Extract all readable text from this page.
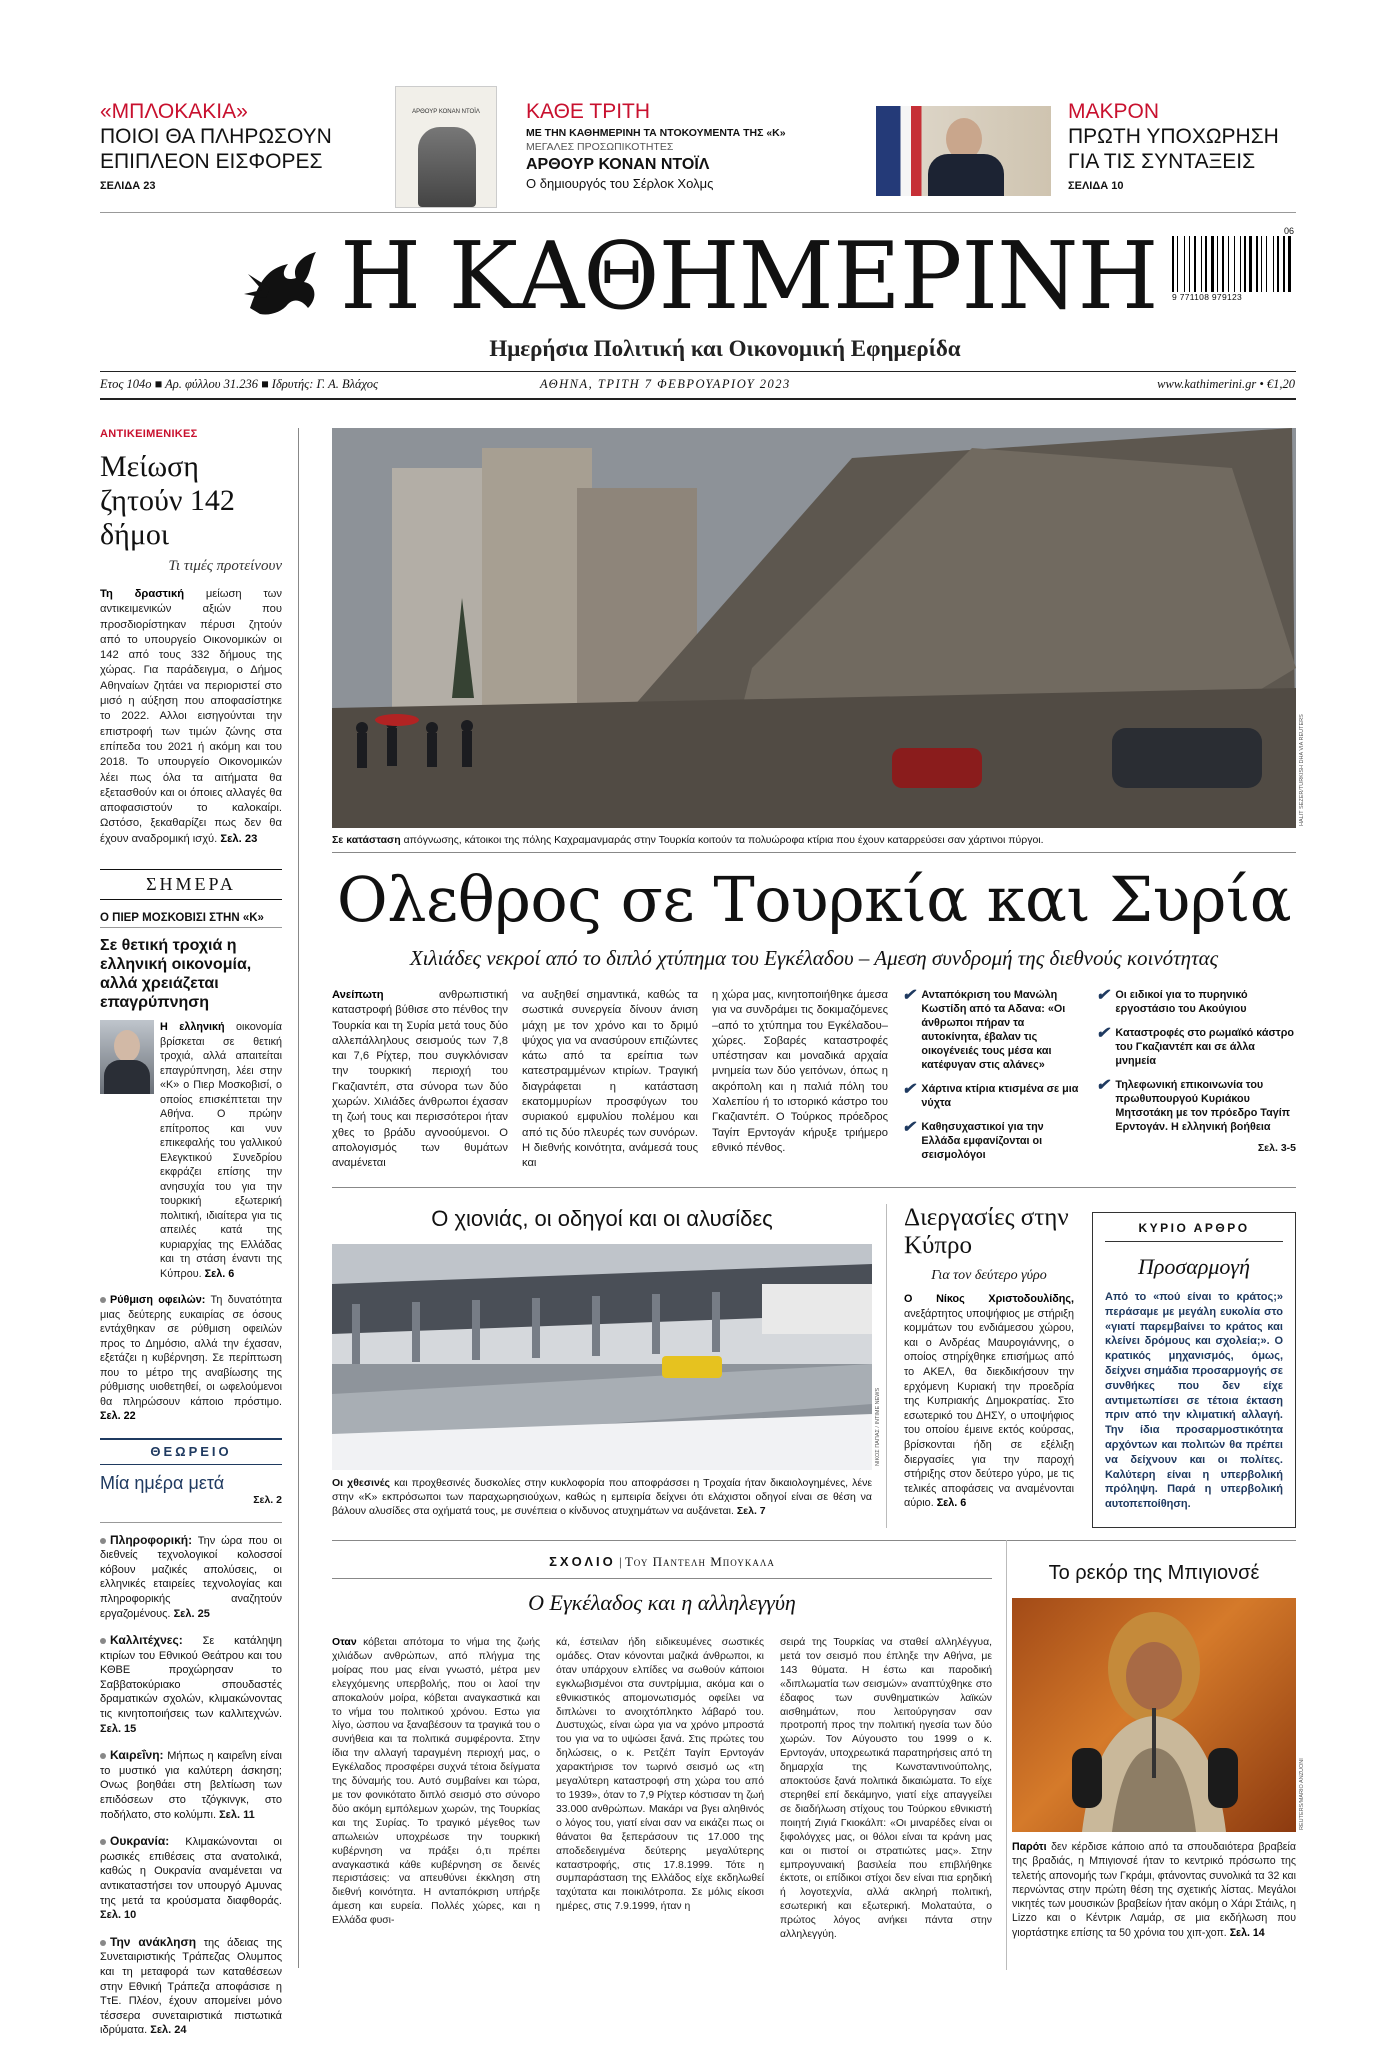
«ΜΠΛΟΚΑΚΙΑ»
ΠΟΙΟΙ ΘΑ ΠΛΗΡΩΣΟΥΝ ΕΠΙΠΛΕΟΝ ΕΙΣΦΟΡΕΣ
ΣΕΛΙΔΑ 23
ΑΡΘΟΥΡ ΚΟΝΑΝ ΝΤΟΪΛ	ΚΑΘΕ ΤΡΙΤΗ
ΜΕ ΤΗΝ ΚΑΘΗΜΕΡΙΝΗ ΤΑ ΝΤΟΚΟΥΜΕΝΤΑ ΤΗΣ «Κ»
ΜΕΓΑΛΕΣ ΠΡΟΣΩΠΙΚΟΤΗΤΕΣ
ΑΡΘΟΥΡ ΚΟΝΑΝ ΝΤΟΪΛ
Ο δημιουργός του Σέρλοκ Χολμς
ΜΑΚΡΟΝ
ΠΡΩΤΗ ΥΠΟΧΩΡΗΣΗ ΓΙΑ ΤΙΣ ΣΥΝΤΑΞΕΙΣ
ΣΕΛΙΔΑ 10
Η ΚΑΘΗΜΕΡΙΝΗ	06
9 771108 979123
Ημερήσια Πολιτική και Οικονομική Εφημερίδα
Ετος 104ο ■ Αρ. φύλλου 31.236 ■ Ιδρυτής: Γ. Α. Βλάχος	ΑΘΗΝΑ, ΤΡΙΤΗ 7 ΦΕΒΡΟΥΑΡΙΟΥ 2023	www.kathimerini.gr • €1,20
ΑΝΤΙΚΕΙΜΕΝΙΚΕΣ
Μείωση ζητούν 142 δήμοι
Τι τιμές προτείνουν
Τη δραστική μείωση των αντικειμενικών αξιών που προσδιορίστηκαν πέρυσι ζητούν από το υπουργείο Οικονομικών οι 142 από τους 332 δήμους της χώρας. Για παράδειγμα, ο Δήμος Αθηναίων ζητάει να περιοριστεί στο μισό η αύξηση που αποφασίστηκε το 2022. Αλλοι εισηγούνται την επιστροφή των τιμών ζώνης στα επίπεδα του 2021 ή ακόμη και του 2018. Το υπουργείο Οικονομικών λέει πως όλα τα αιτήματα θα εξετασθούν και οι όποιες αλλαγές θα αποφασιστούν το καλοκαίρι. Ωστόσο, ξεκαθαρίζει πως δεν θα έχουν αναδρομική ισχύ. Σελ. 23
ΣΗΜΕΡΑ
Ο ΠΙΕΡ ΜΟΣΚΟΒΙΣΙ ΣΤΗΝ «Κ»
Σε θετική τροχιά η ελληνική οικονομία, αλλά χρειάζεται επαγρύπνηση
Η ελληνική οικονομία βρίσκεται σε θετική τροχιά, αλλά απαιτείται επαγρύπνηση, λέει στην «Κ» ο Πιερ Μοσκοβισί, ο οποίος επισκέπτεται την Αθήνα. Ο πρώην επίτροπος και νυν επικεφαλής του γαλλικού Ελεγκτικού Συνεδρίου εκφράζει επίσης την ανησυχία του για την τουρκική εξωτερική πολιτική, ιδιαίτερα για τις απειλές κατά της κυριαρχίας της Ελλάδας και τη στάση έναντι της Κύπρου. Σελ. 6
Ρύθμιση οφειλών: Τη δυνατότητα μιας δεύτερης ευκαιρίας σε όσους εντάχθηκαν σε ρύθμιση οφειλών προς το Δημόσιο, αλλά την έχασαν, εξετάζει η κυβέρνηση. Σε περίπτωση που το μέτρο της αναβίωσης της ρύθμισης υιοθετηθεί, οι ωφελούμενοι θα πληρώσουν κάποιο πρόστιμο. Σελ. 22
ΘΕΩΡΕΙΟ
Μία ημέρα μετά
Σελ. 2
Πληροφορική: Την ώρα που οι διεθνείς τεχνολογικοί κολοσσοί κόβουν μαζικές απολύσεις, οι ελληνικές εταιρείες τεχνολογίας και πληροφορικής αναζητούν εργαζομένους. Σελ. 25
Καλλιτέχνες: Σε κατάληψη κτιρίων του Εθνικού Θεάτρου και του ΚΘΒΕ προχώρησαν το Σαββατοκύριακο σπουδαστές δραματικών σχολών, κλιμακώνοντας τις κινητοποιήσεις των καλλιτεχνών. Σελ. 15
Καιρεΐνη: Μήπως η καιρεΐνη είναι το μυστικό για καλύτερη άσκηση; Ονως βοηθάει στη βελτίωση των επιδόσεων στο τζόγκινγκ, στο ποδήλατο, στο κολύμπι. Σελ. 11
Ουκρανία: Κλιμακώνονται οι ρωσικές επιθέσεις στα ανατολικά, καθώς η Ουκρανία αναμένεται να αντικαταστήσει τον υπουργό Αμυνας της μετά τα κρούσματα διαφθοράς. Σελ. 10
Την ανάκληση της άδειας της Συνεταιριστικής Τράπεζας Ολυμπος και τη μεταφορά των καταθέσεων στην Εθνική Τράπεζα αποφάσισε η ΤτΕ. Πλέον, έχουν απομείνει μόνο τέσσερα συνεταιριστικά πιστωτικά ιδρύματα. Σελ. 24
HALIT SEZER/TURKISH DHA VIA REUTERS
Σε κατάσταση απόγνωσης, κάτοικοι της πόλης Καχραμανμαράς στην Τουρκία κοιτούν τα πολυώροφα κτίρια που έχουν καταρρεύσει σαν χάρτινοι πύργοι.
Ολεθρος σε Τουρκία και Συρία
Χιλιάδες νεκροί από το διπλό χτύπημα του Εγκέλαδου – Αμεση συνδρομή της διεθνούς κοινότητας
Ανείπωτη	ανθρωπιστική καταστροφή βύθισε στο πένθος την Τουρκία και τη Συρία μετά τους δύο αλλεπάλληλους σεισμούς των 7,8 και 7,6 Ρίχτερ, που συγκλόνισαν την τουρκική περιοχή του Γκαζιαντέπ, στα σύνορα των δύο χωρών. Χιλιάδες άνθρωποι έχασαν τη ζωή τους και περισσότεροι ήταν χθες το βράδυ αγνοούμενοι. Ο απολογισμός των θυμάτων αναμένεται
να αυξηθεί σημαντικά, καθώς τα σωστικά συνεργεία δίνουν άνιση μάχη με τον χρόνο και το δριμύ ψύχος για να ανασύρουν επιζώντες κάτω από τα ερείπια των κατεστραμμένων κτιρίων. Τραγική διαγράφεται η κατάσταση εκατομμυρίων προσφύγων του συριακού εμφυλίου πολέμου και από τις δύο πλευρές των συνόρων. Η διεθνής κοινότητα, ανάμεσά τους και
η χώρα μας, κινητοποιήθηκε άμεσα για να συνδράμει τις δοκιμαζόμενες –από το χτύπημα του Εγκέλαδου– χώρες. Σοβαρές καταστροφές υπέστησαν και μοναδικά αρχαία μνημεία των δύο γειτόνων, όπως η ακρόπολη και η παλιά πόλη του Χαλεπίου ή το ιστορικό κάστρο του Γκαζιαντέπ. Ο Τούρκος πρόεδρος Ταγίπ Ερντογάν κήρυξε τριήμερο εθνικό πένθος.
✔ Ανταπόκριση του Μανώλη Κωστίδη από τα Αδανα: «Οι άνθρωποι πήραν τα αυτοκίνητα, έβαλαν τις οικογένειές τους μέσα και κατέφυγαν στις αλάνες»
✔ Χάρτινα κτίρια κτισμένα σε μια νύχτα
✔ Καθησυχαστικοί για την Ελλάδα εμφανίζονται οι σεισμολόγοι
✔ Οι ειδικοί για το πυρηνικό εργοστάσιο του Ακούγιου
✔ Καταστροφές στο ρωμαϊκό κάστρο του Γκαζιαντέπ και σε άλλα μνημεία
✔ Τηλεφωνική επικοινωνία του πρωθυπουργού Κυριάκου Μητσοτάκη με τον πρόεδρο Ταγίπ Ερντογάν. Η ελληνική βοήθεια
Σελ. 3-5
Ο χιονιάς, οι οδηγοί και οι αλυσίδες
ΝΙΚΟΣ ΠΑΠΑΣ / INTIME NEWS
Οι χθεσινές και προχθεσινές δυσκολίες στην κυκλοφορία που αποφράσσει η Τροχαία ήταν δικαιολογημένες, λένε στην «Κ» εκπρόσωποι των παραχωρησιούχων, καθώς η εμπειρία δείχνει ότι ελάχιστοι οδηγοί είναι σε θέση να βάλουν αλυσίδες στα οχήματά τους, με συνέπεια ο κίνδυνος ατυχημάτων να αυξάνεται. Σελ. 7
Διεργασίες στην Κύπρο
Για τον δεύτερο γύρο
Ο Νίκος Χριστοδουλίδης, ανεξάρτητος υποψήφιος με στήριξη κομμάτων του ενδιάμεσου χώρου, και ο Ανδρέας Μαυρογιάννης, ο οποίος στηρίχθηκε επισήμως από το ΑΚΕΛ, θα διεκδικήσουν την ερχόμενη Κυριακή την προεδρία της Κυπριακής Δημοκρατίας. Στο εσωτερικό του ΔΗΣΥ, ο υποψήφιος του οποίου έμεινε εκτός κούρσας, βρίσκονται ήδη σε εξέλιξη διεργασίες για την παροχή στήριξης στον δεύτερο γύρο, με τις τελικές αποφάσεις να αναμένονται αύριο. Σελ. 6
ΚΥΡΙΟ ΑΡΘΡΟ
Προσαρμογή
Από το «πού είναι το κράτος;» περάσαμε με μεγάλη ευκολία στο «γιατί παρεμβαίνει το κράτος και κλείνει δρόμους και σχολεία;». Ο κρατικός μηχανισμός, όμως, δείχνει σημάδια προσαρμογής σε συνθήκες που δεν είχε αντιμετωπίσει σε τέτοια έκταση πριν από την κλιματική αλλαγή. Την ίδια προσαρμοστικότητα αρχόντων και πολιτών θα πρέπει να δείχνουν και οι πολίτες. Καλύτερη είναι η υπερβολική πρόληψη. Παρά η υπερβολική αυτοπεποίθηση.
ΣΧΟΛΙΟ | Του Παντελη Μπουκαλα
Ο Εγκέλαδος και η αλληλεγγύη
Οταν κόβεται απότομα το νήμα της ζωής χιλιάδων ανθρώπων, από πλήγμα της μοίρας που μας είναι γνωστό, μέτρα μεν ελεγχόμενης υπερβολής, που οι λαοί την αποκαλούν μοίρα, κόβεται αναγκαστικά και το νήμα του πολιτικού χρόνου. Εστω για λίγο, ώσπου να ξαναβέσουν τα τραγικά του ο συνήθεια και τα πολιτικά συμφέροντα. Στην ίδια την αλλαγή ταραγμένη περιοχή μας, ο Εγκέλαδος προσφέρει συχνά τέτοια δείγματα της δύναμής του. Αυτό συμβαίνει και τώρα, με τον φονικότατο διπλό σεισμό στο σύνορο δύο ακόμη εμπόλεμων χωρών, της Τουρκίας και της Συρίας. Το τραγικό μέγεθος των απωλειών υποχρέωσε την τουρκική κυβέρνηση να πράξει ό,τι πρέπει αναγκαστικά κάθε κυβέρνηση σε δεινές περιστάσεις: να απευθύνει έκκληση στη διεθνή κοινότητα. Η ανταπόκριση υπήρξε άμεση και ευρεία. Πολλές χώρες, και η Ελλάδα φυσι-
κά, έστειλαν ήδη ειδικευμένες σωστικές ομάδες. Οταν κόνονται μαζικά άνθρωποι, κι όταν υπάρχουν ελπίδες να σωθούν κάποιοι εγκλωβισμένοι στα συντρίμμια, ακόμα και ο εθνικιστικός απομονωτισμός οφείλει να διπλώνει το ανοιχτόπληκτο λάβαρό του. Δυστυχώς, είναι ώρα για να χρόνο μπροστά του για να το υψώσει ξανά. Στις πρώτες του δηλώσεις, ο κ. Ρετζέπ Ταγίπ Ερντογάν χαρακτήρισε τον τωρινό σεισμό ως «τη μεγαλύτερη καταστροφή στη χώρα του από το 1939», όταν το 7,9 Ρίχτερ κόστισαν τη ζωή 33.000 ανθρώπων. Μακάρι να βγει αληθινός ο λόγος του, γιατί είναι σαν να εικάζει πως οι θάνατοι θα ξεπεράσουν τις 17.000 της αποδεδειγμένα δεύτερης μεγαλύτερης καταστροφής, στις 17.8.1999. Τότε η συμπαράσταση της Ελλάδος είχε εκδηλωθεί ταχύτατα και ποικιλότροπα. Σε μόλις είκοσι ημέρες, στις 7.9.1999, ήταν η
σειρά της Τουρκίας να σταθεί αλληλέγγυα, μετά τον σεισμό που έπληξε την Αθήνα, με 143 θύματα. Η έστω και παροδική «διπλωματία των σεισμών» αναπτύχθηκε στο έδαφος των συνθηματικών λαϊκών αισθημάτων, που λειτούργησαν σαν προτροπή προς την πολιτική ηγεσία των δύο χωρών. Τον Αύγουστο του 1999 ο κ. Ερντογάν, υποχρεωτικά παρατηρήσεις από τη δημαρχία της Κωνσταντινούπολης, αποκτούσε ξανά πολιτικά δικαιώματα. Το είχε στερηθεί επί δεκάμηνο, γιατί είχε απαγγείλει σε διαδήλωση στίχους του Τούρκου εθνικιστή ποιητή Ζιγιά Γκιοκάλπ: «Οι μιναρέδες είναι οι ξιφολόγχες μας, οι θόλοι είναι τα κράνη μας και οι πιστοί οι στρατιώτες μας». Στην εμπρογυναική βασιλεία που επιβλήθηκε έκτοτε, οι επίδικοι στίχοι δεν είναι πια ερηδική ή λογοτεχνία, αλλά ακληρή πολιτική, εσωτερική και εξωτερική. Μολαταύτα, ο πρώτος λόγος ανήκει πάντα στην αλληλεγγύη.
Το ρεκόρ της Μπιγιονσέ
REUTERS/MARIO ANZUONI
Παρότι δεν κέρδισε κάποιο από τα σπουδαιότερα βραβεία της βραδιάς, η Μπιγιονσέ ήταν το κεντρικό πρόσωπο της τελετής απονομής των Γκράμι, φτάνοντας συνολικά τα 32 και περνώντας στην πρώτη θέση της σχετικής λίστας. Μεγάλοι νικητές των μουσικών βραβείων ήταν ακόμη ο Χάρι Στάιλς, η Lizzo και ο Κέντρικ Λαμάρ, σε μια εκδήλωση που γιορτάστηκε επίσης τα 50 χρόνια του χιπ-χοπ. Σελ. 14
